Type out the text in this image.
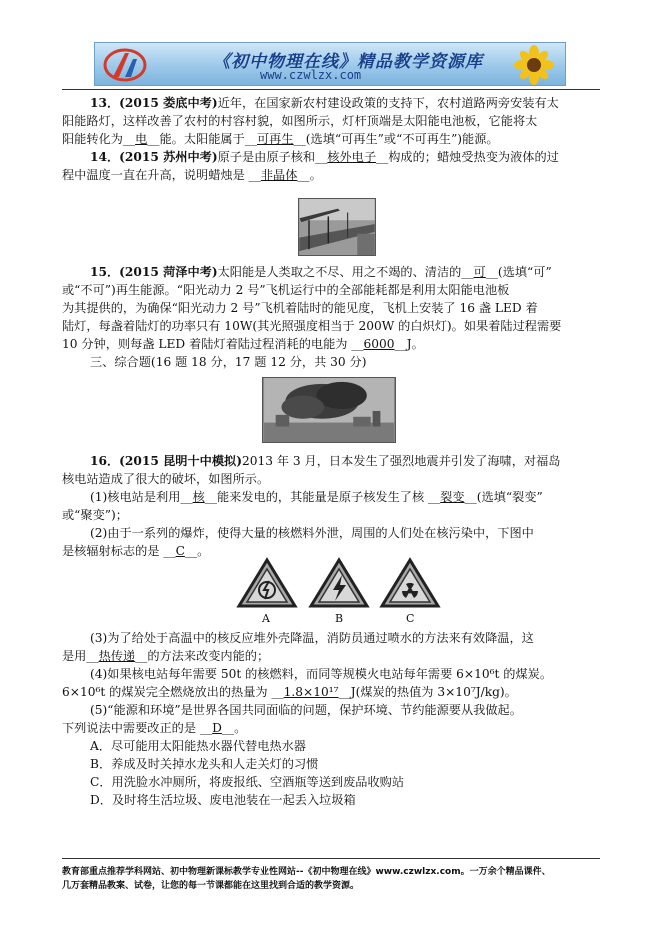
《初中物理在线》精品教学资源库
www.czwlzx.com
13．(2015 娄底中考)近年，在国家新农村建设政策的支持下，农村道路两旁安装有太
阳能路灯，这样改善了农村的村容村貌，如图所示，灯杆顶端是太阳能电池板，它能将太
阳能转化为__电__能。太阳能属于__可再生__(选填“可再生”或“不可再生”)能源。
14．(2015 苏州中考)原子是由原子核和__核外电子__构成的；蜡烛受热变为液体的过
程中温度一直在升高，说明蜡烛是 __非晶体__。
15．(2015 菏泽中考)太阳能是人类取之不尽、用之不竭的、清洁的__可__(选填“可”
或“不可”)再生能源。“阳光动力 2 号”飞机运行中的全部能耗都是利用太阳能电池板
为其提供的，为确保“阳光动力 2 号”飞机着陆时的能见度，飞机上安装了 16 盏 LED 着
陆灯，每盏着陆灯的功率只有 10W(其光照强度相当于 200W 的白炽灯)。如果着陆过程需要
10 分钟，则每盏 LED 着陆灯着陆过程消耗的电能为 __6000__J。
三、综合题(16 题 18 分，17 题 12 分，共 30 分)
16．(2015 昆明十中模拟)2013 年 3 月，日本发生了强烈地震并引发了海啸，对福岛
核电站造成了很大的破坏，如图所示。
(1)核电站是利用__核__能来发电的，其能量是原子核发生了核 __裂变__(选填“裂变”
或“聚变”)；
(2)由于一系列的爆炸，使得大量的核燃料外泄，周围的人们处在核污染中，下图中
是核辐射标志的是 __C__。
A	B	C
(3)为了给处于高温中的核反应堆外壳降温，消防员通过喷水的方法来有效降温，这
是用__热传递__的方法来改变内能的；
(4)如果核电站每年需要 50t 的核燃料，而同等规模火电站每年需要 6×10⁶t 的煤炭。
6×10⁶t 的煤炭完全燃烧放出的热量为 __1.8×10¹⁷__J(煤炭的热值为 3×10⁷J/kg)。
(5)“能源和环境”是世界各国共同面临的问题，保护环境、节约能源要从我做起。
下列说法中需要改正的是 __D__。
A．尽可能用太阳能热水器代替电热水器
B．养成及时关掉水龙头和人走关灯的习惯
C．用洗脸水冲厕所，将废报纸、空酒瓶等送到废品收购站
D．及时将生活垃圾、废电池装在一起丢入垃圾箱
教育部重点推荐学科网站、初中物理新课标教学专业性网站--《初中物理在线》www.czwlzx.com。一万余个精品课件、
几万套精品教案、试卷，让您的每一节课都能在这里找到合适的教学资源。
